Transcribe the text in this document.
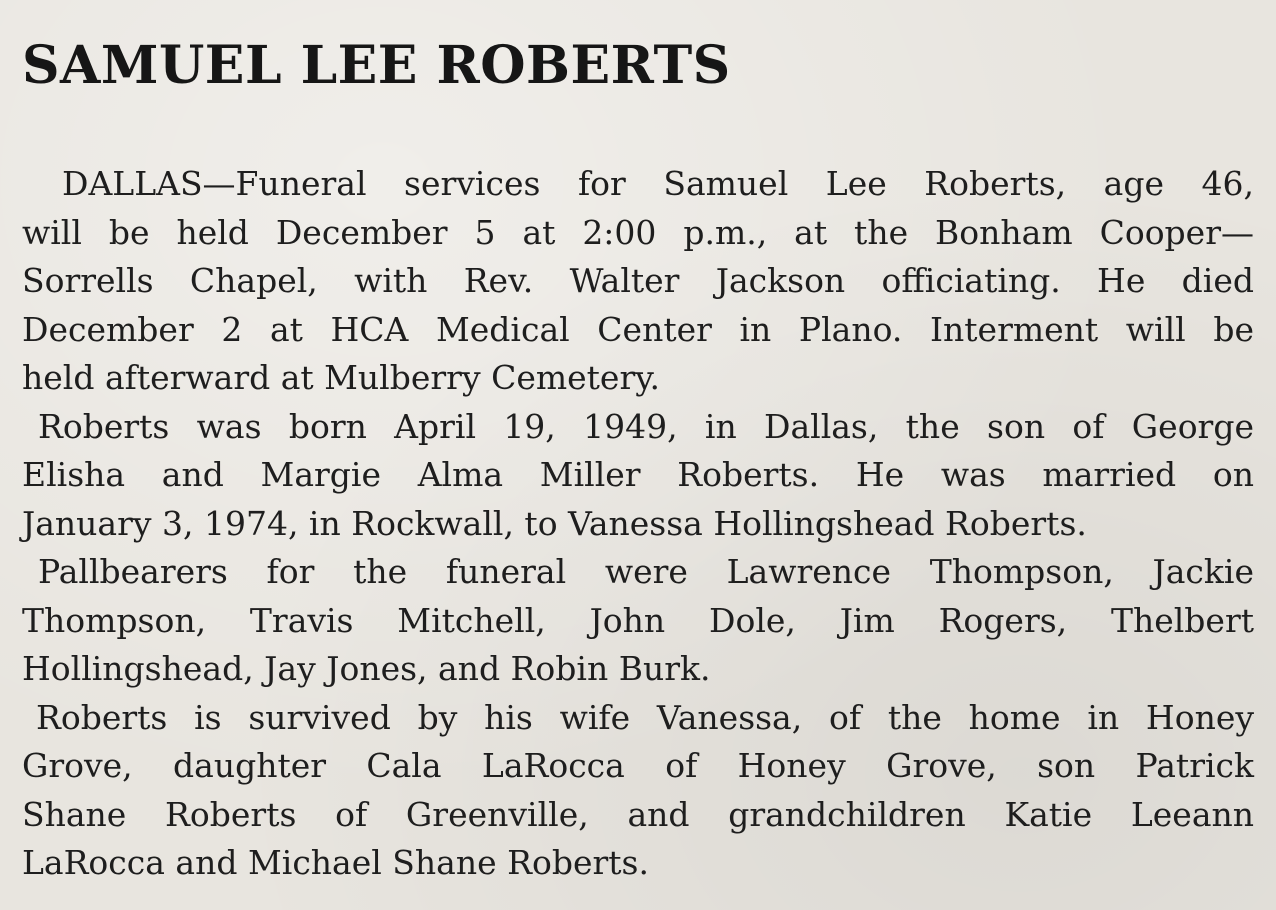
SAMUEL LEE ROBERTS

DALLAS—Funeral services for Samuel Lee Roberts, age 46,
will be held December 5 at 2:00 p.m., at the Bonham Cooper—
Sorrells Chapel, with Rev. Walter Jackson officiating. He died
December 2 at HCA Medical Center in Plano. Interment will be
held afterward at Mulberry Cemetery.

Roberts was born April 19, 1949, in Dallas, the son of George
Elisha and Margie Alma Miller Roberts. He was married on
January 3, 1974, in Rockwall, to Vanessa Hollingshead Roberts.

Pallbearers for the funeral were Lawrence Thompson, Jackie
Thompson, Travis Mitchell, John Dole, Jim Rogers, Thelbert
Hollingshead, Jay Jones, and Robin Burk.

Roberts is survived by his wife Vanessa, of the home in Honey
Grove, daughter Cala LaRocca of Honey Grove, son Patrick
Shane Roberts of Greenville, and grandchildren Katie Leeann
LaRocca and Michael Shane Roberts.
